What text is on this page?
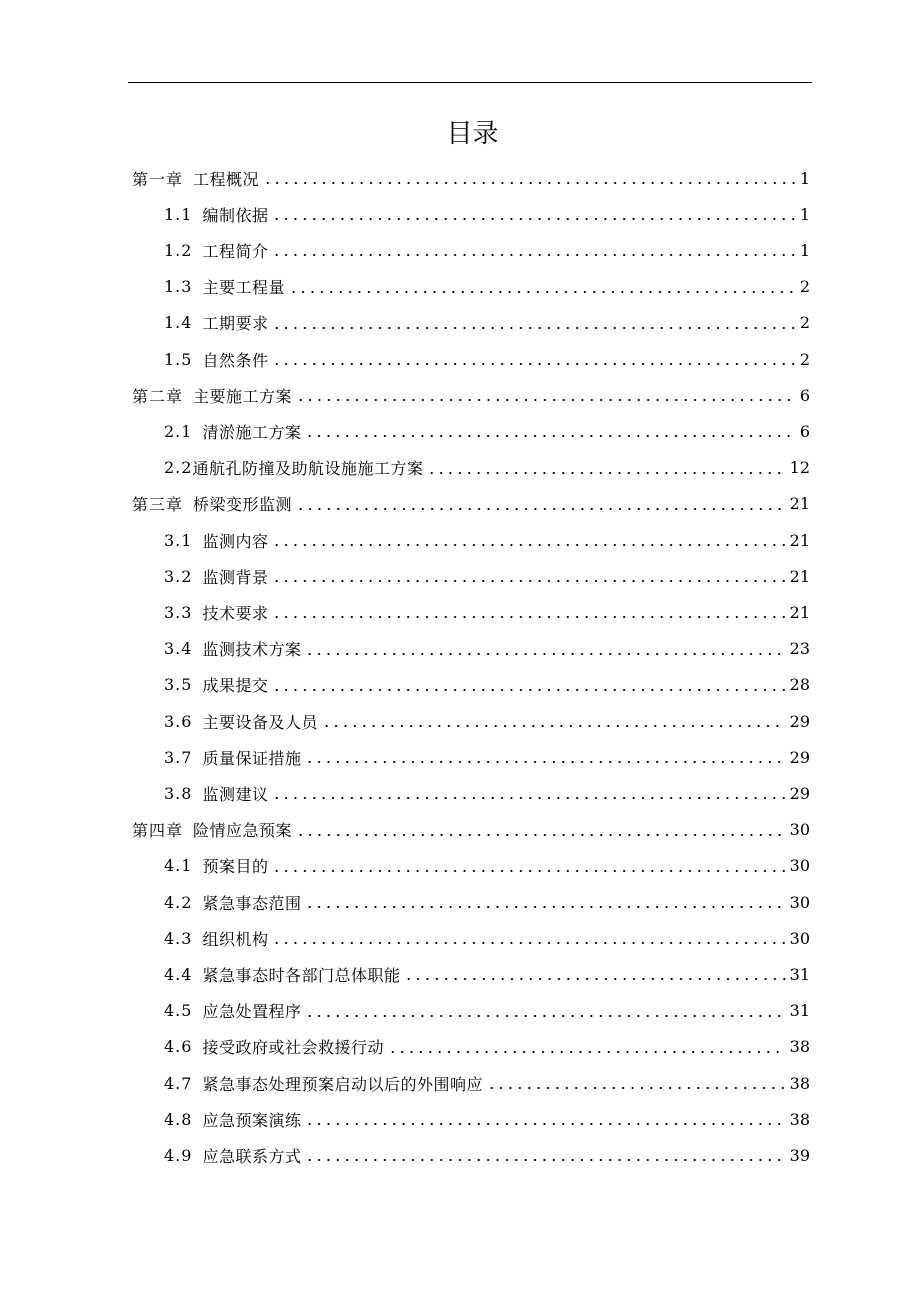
目录
第一章 工程概况	1
1.1 编制依据	1
1.2 工程简介	1
1.3 主要工程量	2
1.4 工期要求	2
1.5 自然条件	2
第二章 主要施工方案	6
2.1 清淤施工方案	6
2.2 通航孔防撞及助航设施施工方案	12
第三章 桥梁变形监测	21
3.1 监测内容	21
3.2 监测背景	21
3.3 技术要求	21
3.4 监测技术方案	23
3.5 成果提交	28
3.6 主要设备及人员	29
3.7 质量保证措施	29
3.8 监测建议	29
第四章 险情应急预案	30
4.1 预案目的	30
4.2 紧急事态范围	30
4.3 组织机构	30
4.4 紧急事态时各部门总体职能	31
4.5 应急处置程序	31
4.6 接受政府或社会救援行动	38
4.7 紧急事态处理预案启动以后的外围响应	38
4.8 应急预案演练	38
4.9 应急联系方式	39
